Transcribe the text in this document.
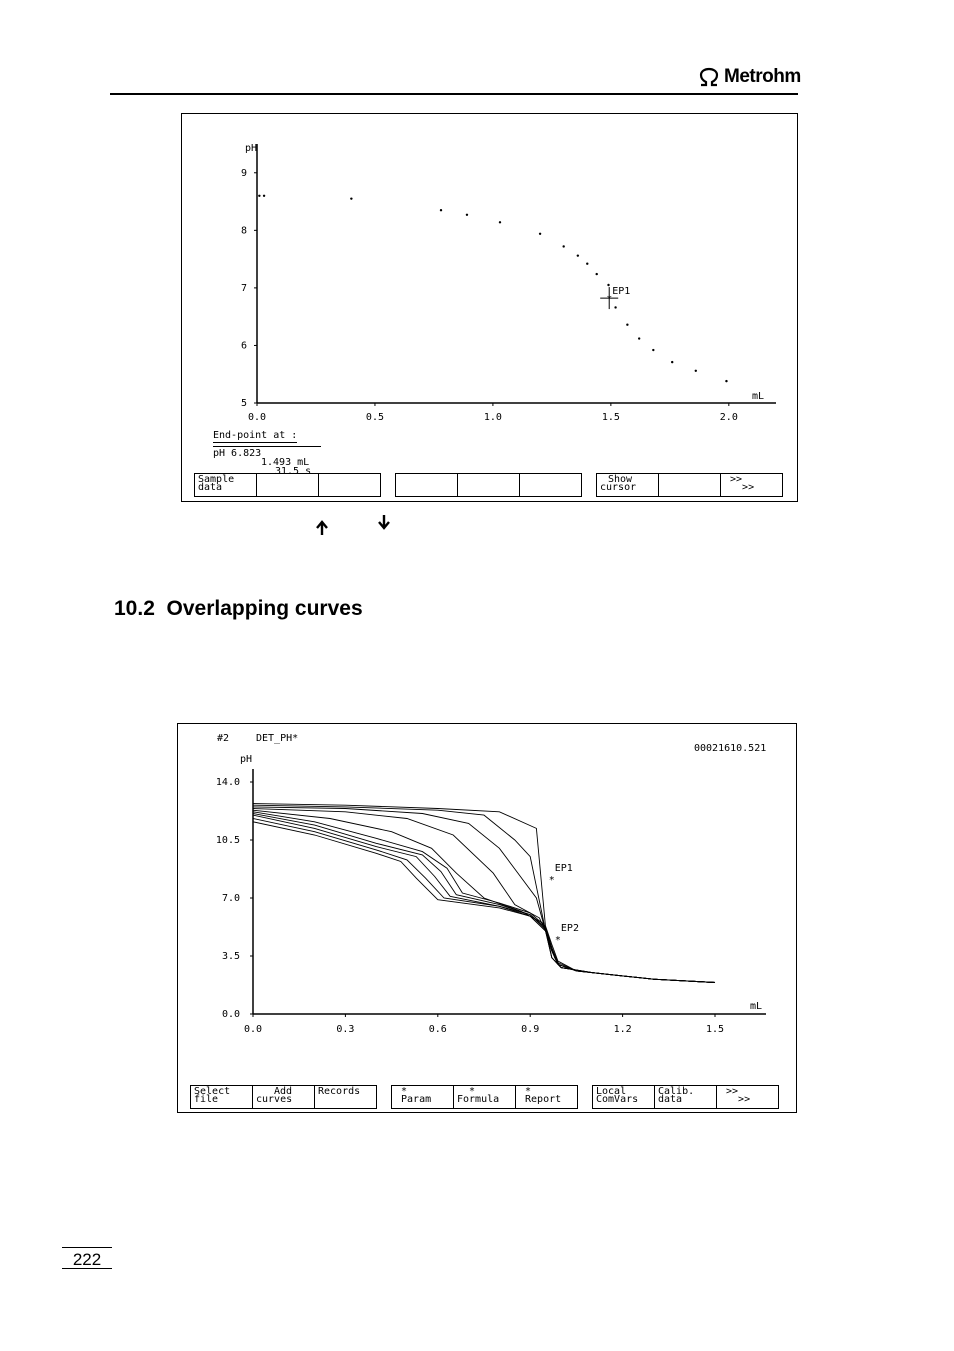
Metrohm
pH
mL
9
8
7
6
5
0.0	0.5	1.0	1.5	2.0
*
EP1
End-point at :
pH 6.823
1.493 mL
31.5 s
Sample
data
Show
cursor
>>
>>
10.2 Overlapping curves
#2	DET_PH*
00021610.521
pH
mL
14.0
10.5
7.0
3.5
0.0
0.0	0.3	0.6	0.9	1.2	1.5
*
EP1
*
EP2
Select
file
Add
curves
Records	*
Param
*
Formula
*
Report
Local
ComVars
Calib.
data
>>
>>
222
